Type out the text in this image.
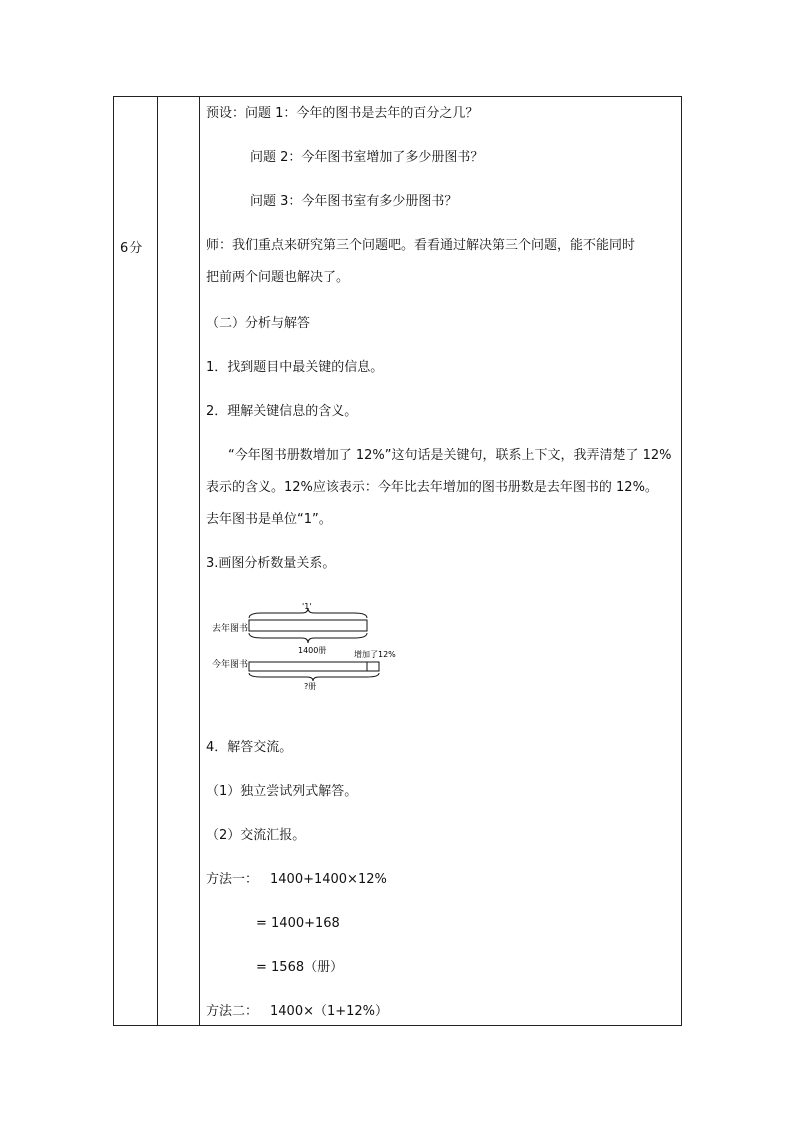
6分
预设：问题 1：今年的图书是去年的百分之几？
问题 2：今年图书室增加了多少册图书？
问题 3：今年图书室有多少册图书？
师：我们重点来研究第三个问题吧。看看通过解决第三个问题，能不能同时
把前两个问题也解决了。
（二）分析与解答
1．找到题目中最关键的信息。
2．理解关键信息的含义。
“今年图书册数增加了 12%”这句话是关键句，联系上下文，我弄清楚了 12%
表示的含义。12%应该表示：今年比去年增加的图书册数是去年图书的 12%。
去年图书是单位“1”。
3.画图分析数量关系。
去年图书
'1'
1400册
今年图书
增加了12%
?册
4．解答交流。
（1）独立尝试列式解答。
（2）交流汇报。
方法一： 1400+1400×12%
= 1400+168
= 1568（册）
方法二： 1400×（1+12%）
